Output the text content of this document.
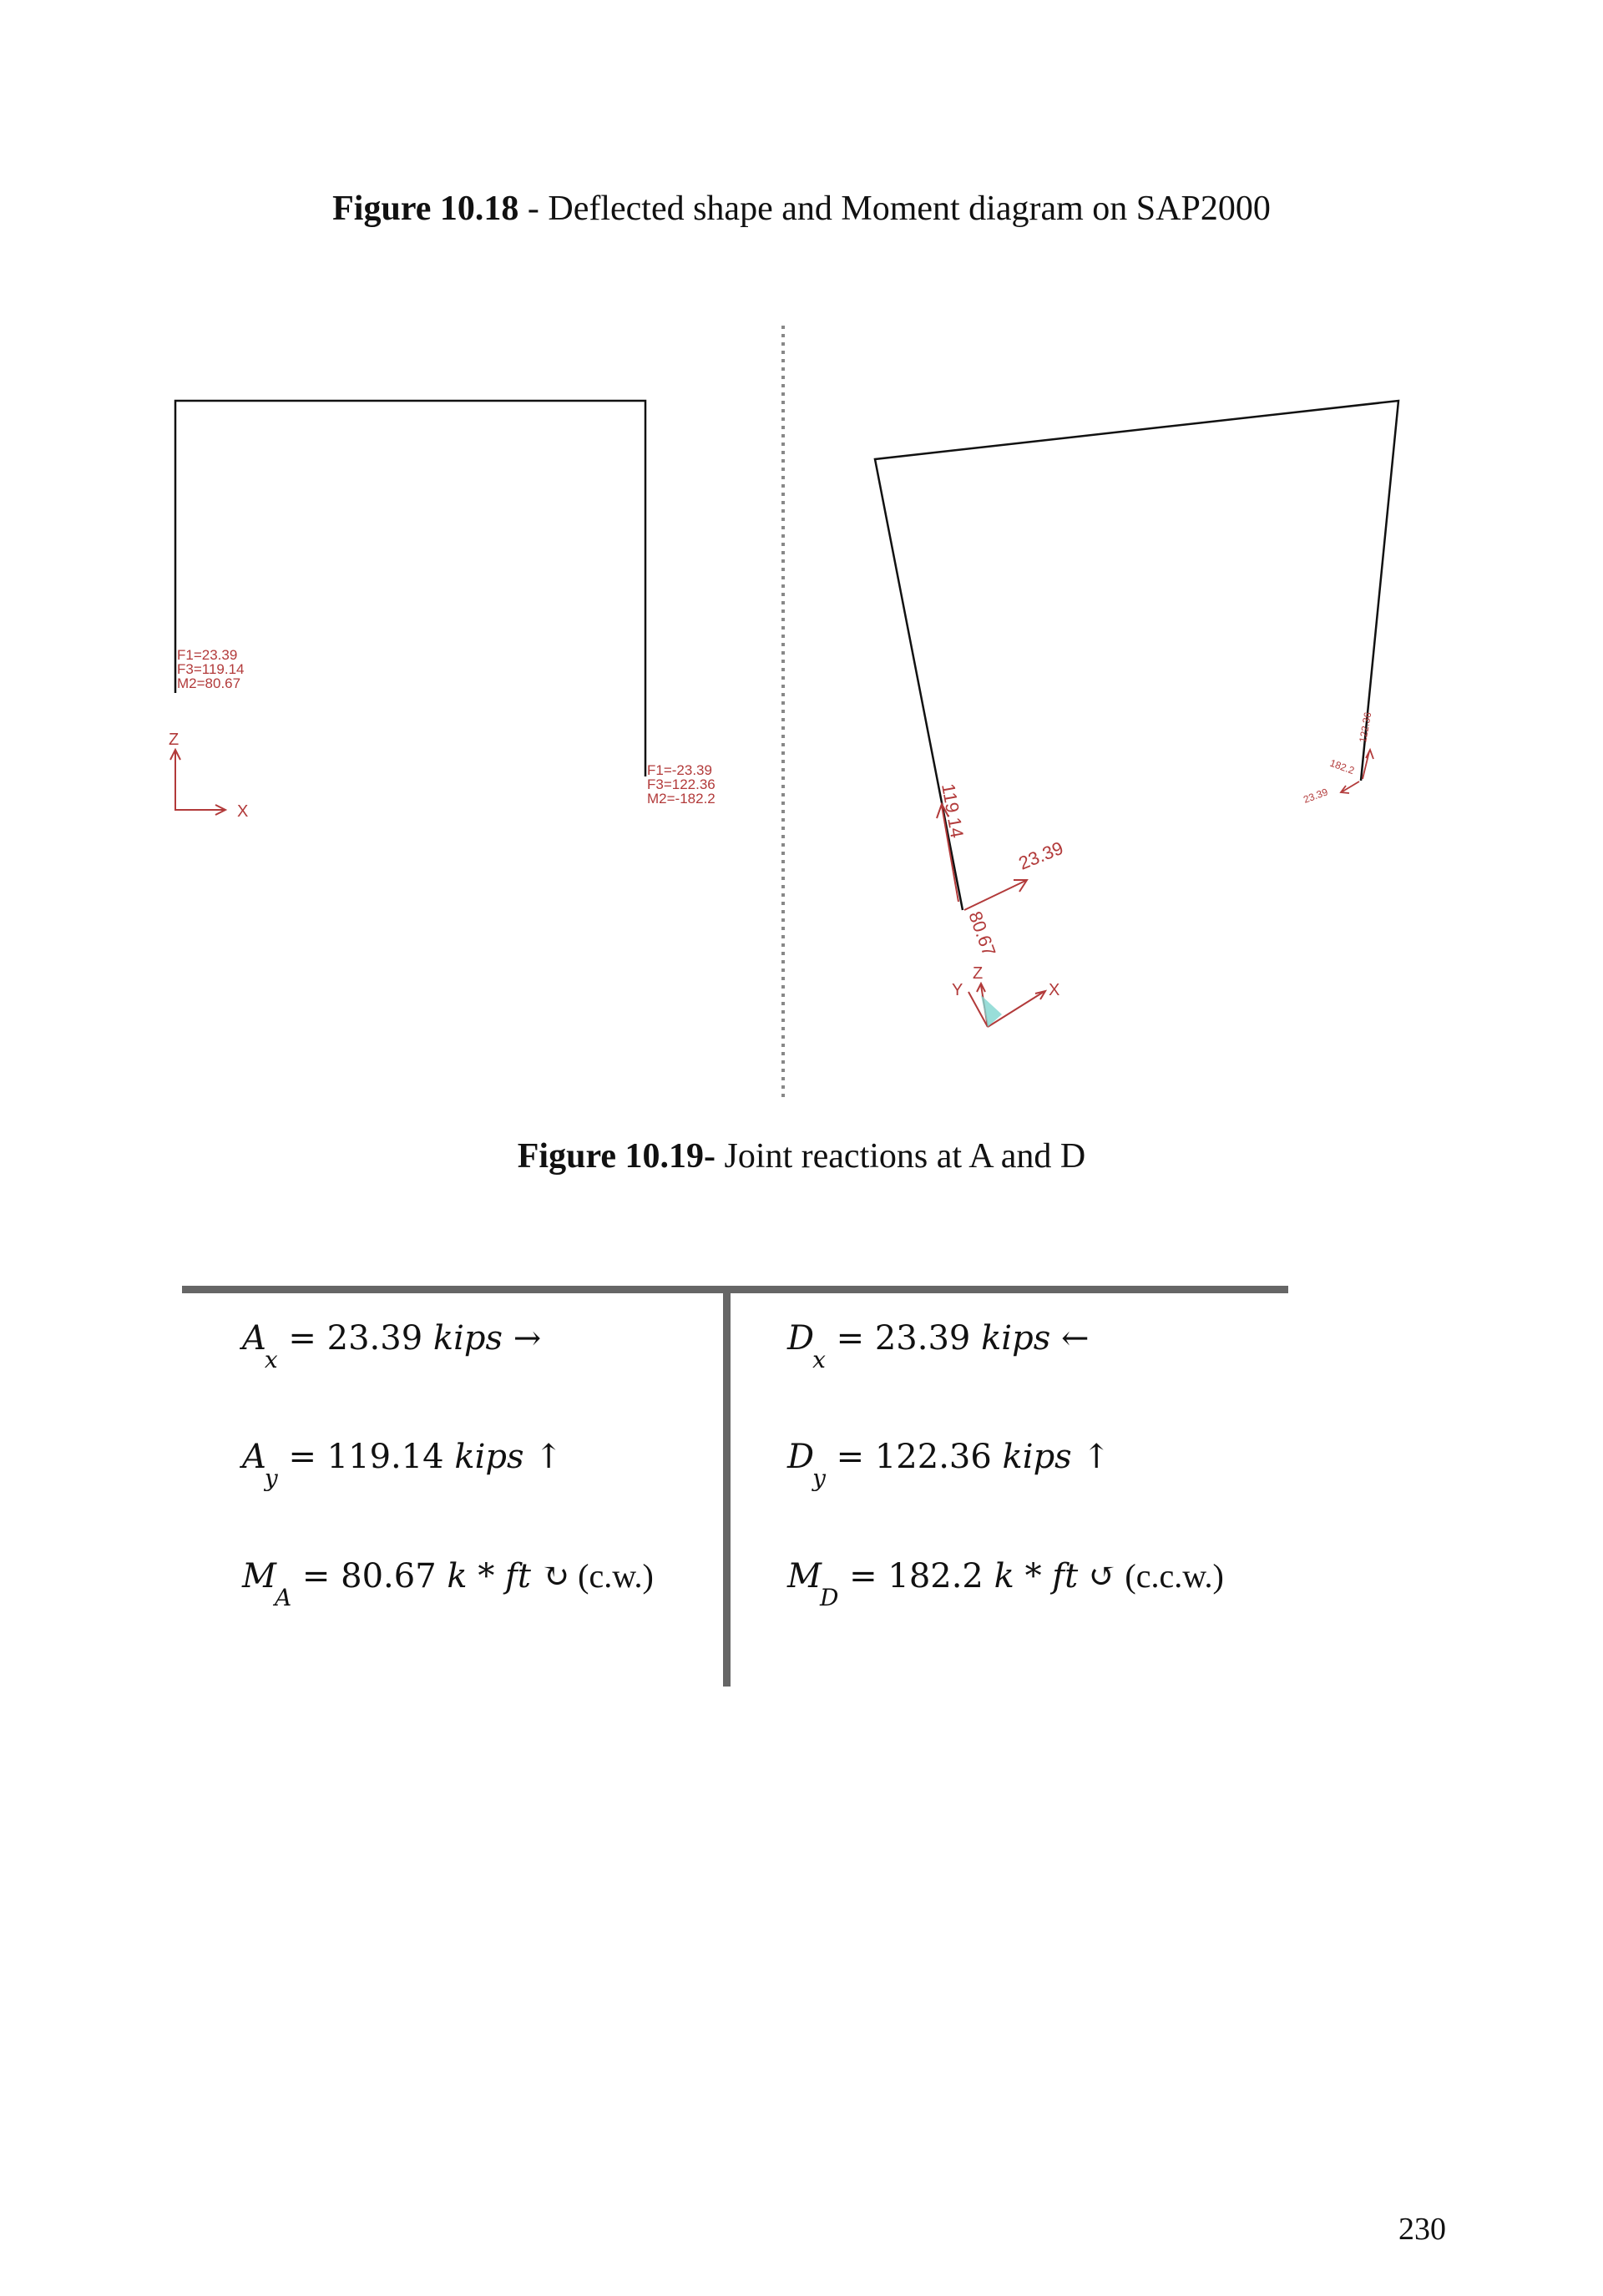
Figure 10.18 - Deflected shape and Moment diagram on SAP2000
F1=23.39
F3=119.14
M2=80.67
F1=-23.39
F3=122.36
M2=-182.2
Z
X	119.14
23.39
80.67
122.36
182.2
23.39
Y
Z
X
Figure 10.19- Joint reactions at A and D
$A_x = 23.39$ kips →
$A_y = 119.14$ kips ↑
$M_A = 80.67$ k * ft ↻ (c.w.)
$D_x = 23.39$ kips ←
$D_y = 122.36$ kips ↑
$M_D = 182.2$ k * ft ↺ (c.c.w.)
230
